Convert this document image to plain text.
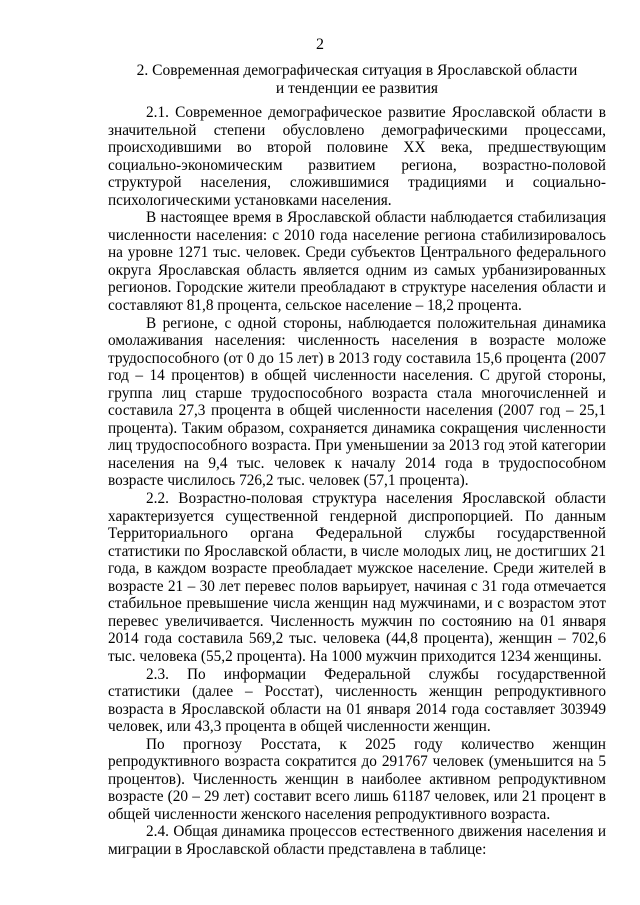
2
2. Современная демографическая ситуация в Ярославской области
и тенденции ее развития

2.1. Современное демографическое развитие Ярославской области в значительной степени обусловлено демографическими процессами, происходившими во второй половине XX века, предшествующим социально-экономическим развитием региона, возрастно-половой структурой населения, сложившимися традициями и социально-психологическими установками населения.

В настоящее время в Ярославской области наблюдается стабилизация численности населения: с 2010 года население региона стабилизировалось на уровне 1271 тыс. человек. Среди субъектов Центрального федерального округа Ярославская область является одним из самых урбанизированных регионов. Городские жители преобладают в структуре населения области и составляют 81,8 процента, сельское население – 18,2 процента.

В регионе, с одной стороны, наблюдается положительная динамика омолаживания населения: численность населения в возрасте моложе трудоспособного (от 0 до 15 лет) в 2013 году составила 15,6 процента (2007 год – 14 процентов) в общей численности населения. С другой стороны, группа лиц старше трудоспособного возраста стала многочисленней и составила 27,3 процента в общей численности населения (2007 год – 25,1 процента). Таким образом, сохраняется динамика сокращения численности лиц трудоспособного возраста. При уменьшении за 2013 год этой категории населения на 9,4 тыс. человек к началу 2014 года в трудоспособном возрасте числилось 726,2 тыс. человек (57,1 процента).

2.2. Возрастно-половая структура населения Ярославской области характеризуется существенной гендерной диспропорцией. По данным Территориального органа Федеральной службы государственной статистики по Ярославской области, в числе молодых лиц, не достигших 21 года, в каждом возрасте преобладает мужское население. Среди жителей в возрасте 21 – 30 лет перевес полов варьирует, начиная с 31 года отмечается стабильное превышение числа женщин над мужчинами, и с возрастом этот перевес увеличивается. Численность мужчин по состоянию на 01 января 2014 года составила 569,2 тыс. человека (44,8 процента), женщин – 702,6 тыс. человека (55,2 процента). На 1000 мужчин приходится 1234 женщины.

2.3. По информации Федеральной службы государственной статистики (далее – Росстат), численность женщин репродуктивного возраста в Ярославской области на 01 января 2014 года составляет 303949 человек, или 43,3 процента в общей численности женщин.

По прогнозу Росстата, к 2025 году количество женщин репродуктивного возраста сократится до 291767 человек (уменьшится на 5 процентов). Численность женщин в наиболее активном репродуктивном возрасте (20 – 29 лет) составит всего лишь 61187 человек, или 21 процент в общей численности женского населения репродуктивного возраста.

2.4. Общая динамика процессов естественного движения населения и миграции в Ярославской области представлена в таблице:
